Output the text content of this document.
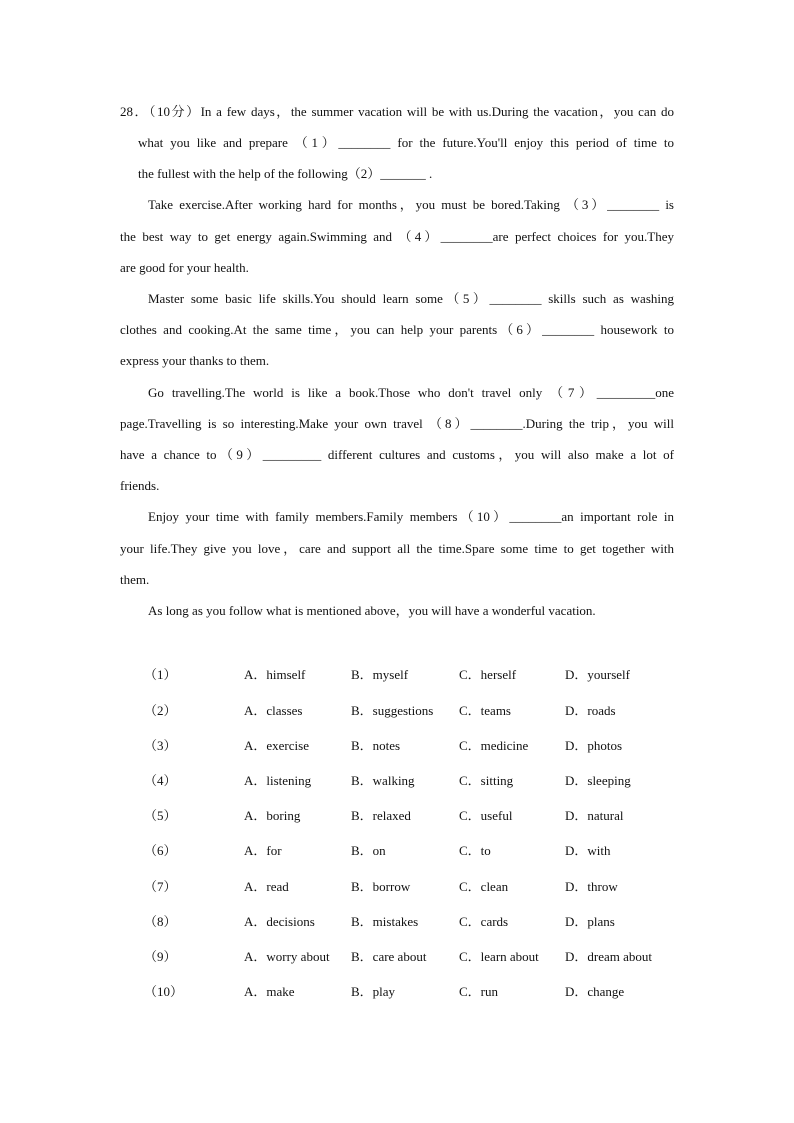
28．（10分）In a few days，the summer vacation will be with us.During the vacation，you can do
what you like and prepare （1）________ for the future.You'll enjoy this period of time to
the fullest with the help of the following（2）_______ .
Take exercise.After working hard for months，you must be bored.Taking （3）________ is
the best way to get energy again.Swimming and （4）________are perfect choices for you.They
are good for your health.
Master some basic life skills.You should learn some（5）________ skills such as washing
clothes and cooking.At the same time，you can help your parents（6）________ housework to
express your thanks to them.
Go travelling.The world is like a book.Those who don't travel only （7）_________one
page.Travelling is so interesting.Make your own travel （8）________.During the trip，you will
have a chance to（9）_________ different cultures and customs，you will also make a lot of
friends.
Enjoy your time with family members.Family members（10）________an important role in
your life.They give you love，care and support all the time.Spare some time to get together with
them.
As long as you follow what is mentioned above，you will have a wonderful vacation.
（1）	A．himself	B．myself	C．herself	D．yourself
（2）	A．classes	B．suggestions C．teams	D．roads
（3）	A．exercise	B．notes	C．medicine	D．photos
（4）	A．listening	B．walking	C．sitting	D．sleeping
（5）	A．boring	B．relaxed	C．useful	D．natural
（6）	A．for	B．on	C．to	D．with
（7）	A．read	B．borrow	C．clean	D．throw
（8）	A．decisions	B．mistakes	C．cards	D．plans
（9）	A．worry about B．care about	C．learn about D．dream about
（10）	A．make	B．play	C．run	D．change
